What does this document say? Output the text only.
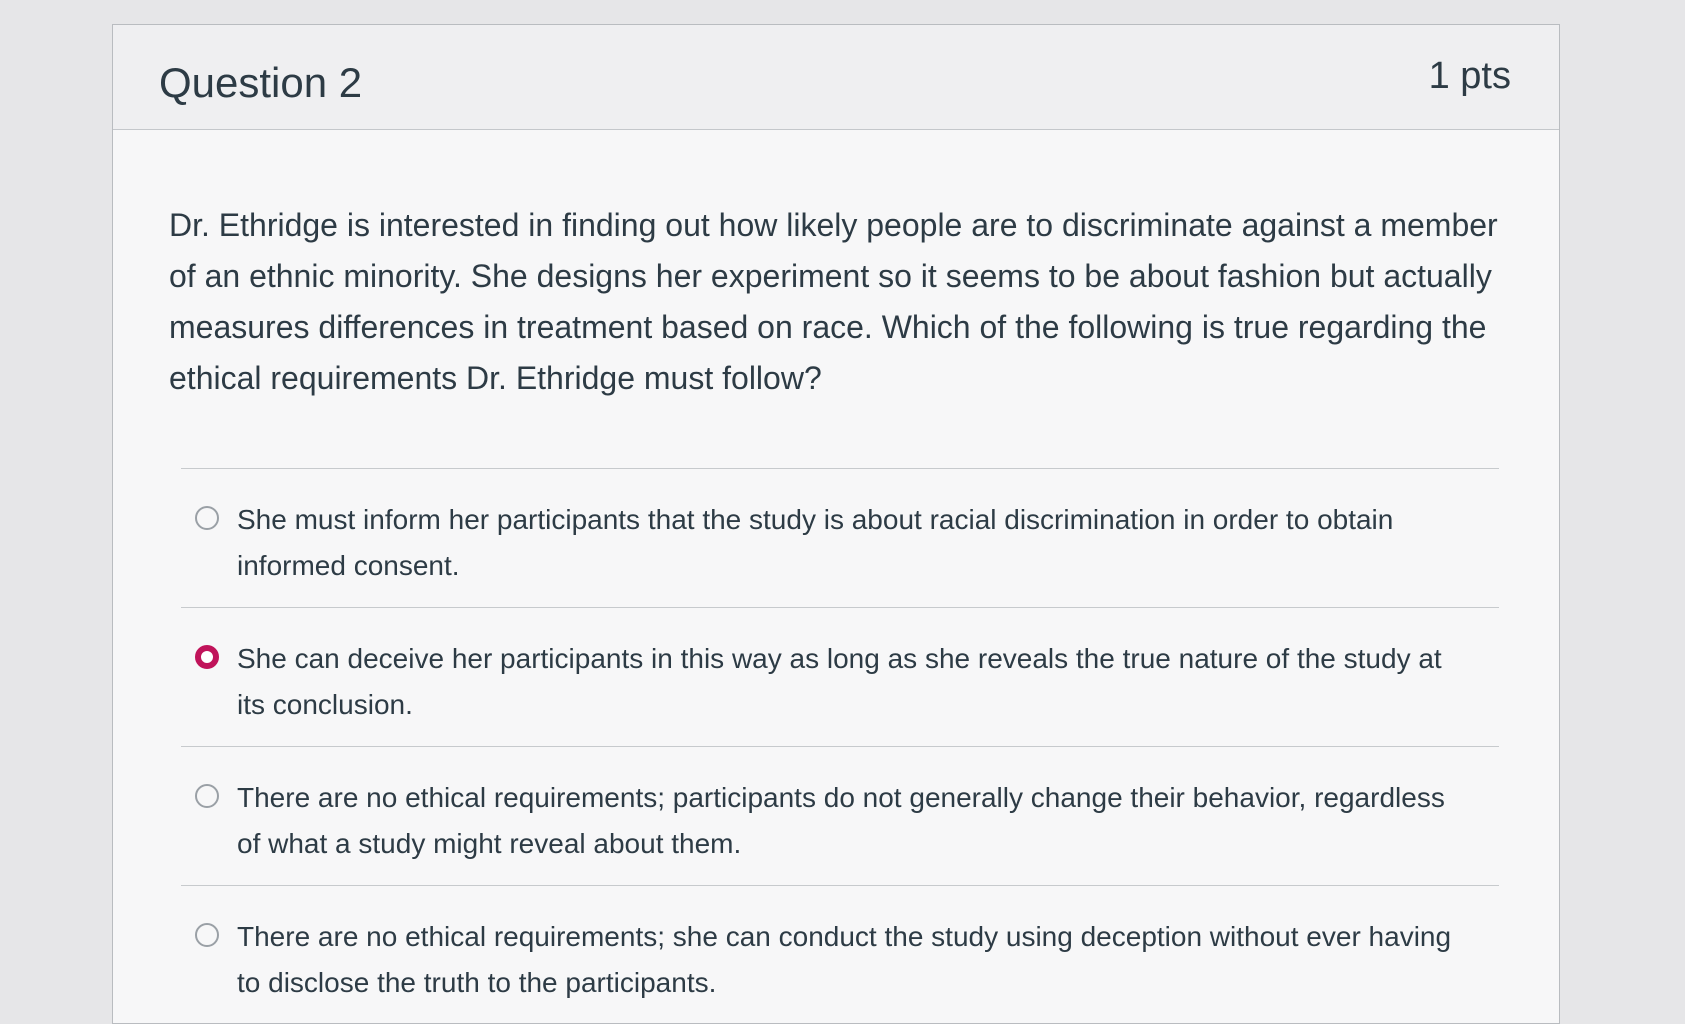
Question 2	1 pts

Dr. Ethridge is interested in finding out how likely people are to discriminate against a member of an ethnic minority. She designs her experiment so it seems to be about fashion but actually measures differences in treatment based on race. Which of the following is true regarding the ethical requirements Dr. Ethridge must follow?

She must inform her participants that the study is about racial discrimination in order to obtain informed consent.
She can deceive her participants in this way as long as she reveals the true nature of the study at its conclusion.
There are no ethical requirements; participants do not generally change their behavior, regardless of what a study might reveal about them.
There are no ethical requirements; she can conduct the study using deception without ever having to disclose the truth to the participants.
